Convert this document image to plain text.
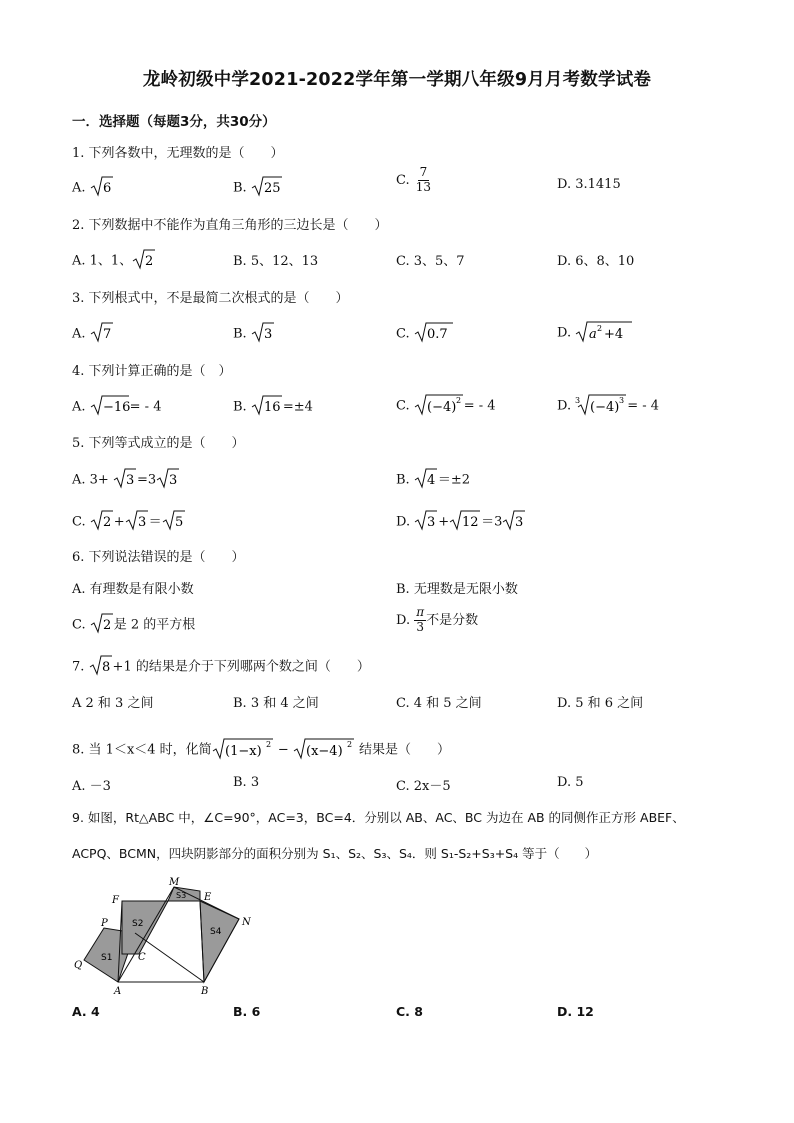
龙岭初级中学2021-2022学年第一学期八年级9月月考数学试卷
一．选择题（每题3分，共30分）
1. 下列各数中，无理数的是（　　）
A. 6	B. 25
C. $\frac{7}{13}$	D. 3.1415
2. 下列数据中不能作为直角三角形的三边长是（　　）
A. 1、1、 2	B. 5、12、13	C. 3、5、7	D. 6、8、10
3. 下列根式中，不是最简二次根式的是（　　）
A. 7	B. 3	C. 0.7	D. a 2 +4
4. 下列计算正确的是（　）
A. −16 = - 4	B. 16 =±4	C. (−4) 2 = - 4	D. 3 (−4) 3 = - 4
5. 下列等式成立的是（　　）
A. 3+ 3 =3 3	B. 4 ＝±2
C. 2 + 3 ＝ 5	D. 3 + 12 ＝3 3
6. 下列说法错误的是（　　）
A. 有理数是有限小数	B. 无理数是无限小数
C. 2 是 2 的平方根	D. $\frac{\pi}{3}$ 不是分数
7. 8 +1 的结果是介于下列哪两个数之间（　　）
A 2 和 3 之间	B. 3 和 4 之间	C. 4 和 5 之间	D. 5 和 6 之间
8. 当 1＜x＜4 时，化简 (1−x) 2 − (x−4) 2 结果是（　　）
A. －3	B. 3	C. 2x－5	D. 5
9. 如图，Rt△ABC 中，∠C=90°，AC=3，BC=4．分别以 AB、AC、BC 为边在 AB 的同侧作正方形 ABEF、
ACPQ、BCMN，四块阴影部分的面积分别为 S₁、S₂、S₃、S₄．则 S₁-S₂+S₃+S₄ 等于（　　）
M
S3 E
F
S2	N
P
S4
C
Q
S1
A	B
A. 4	B. 6	C. 8	D. 12
